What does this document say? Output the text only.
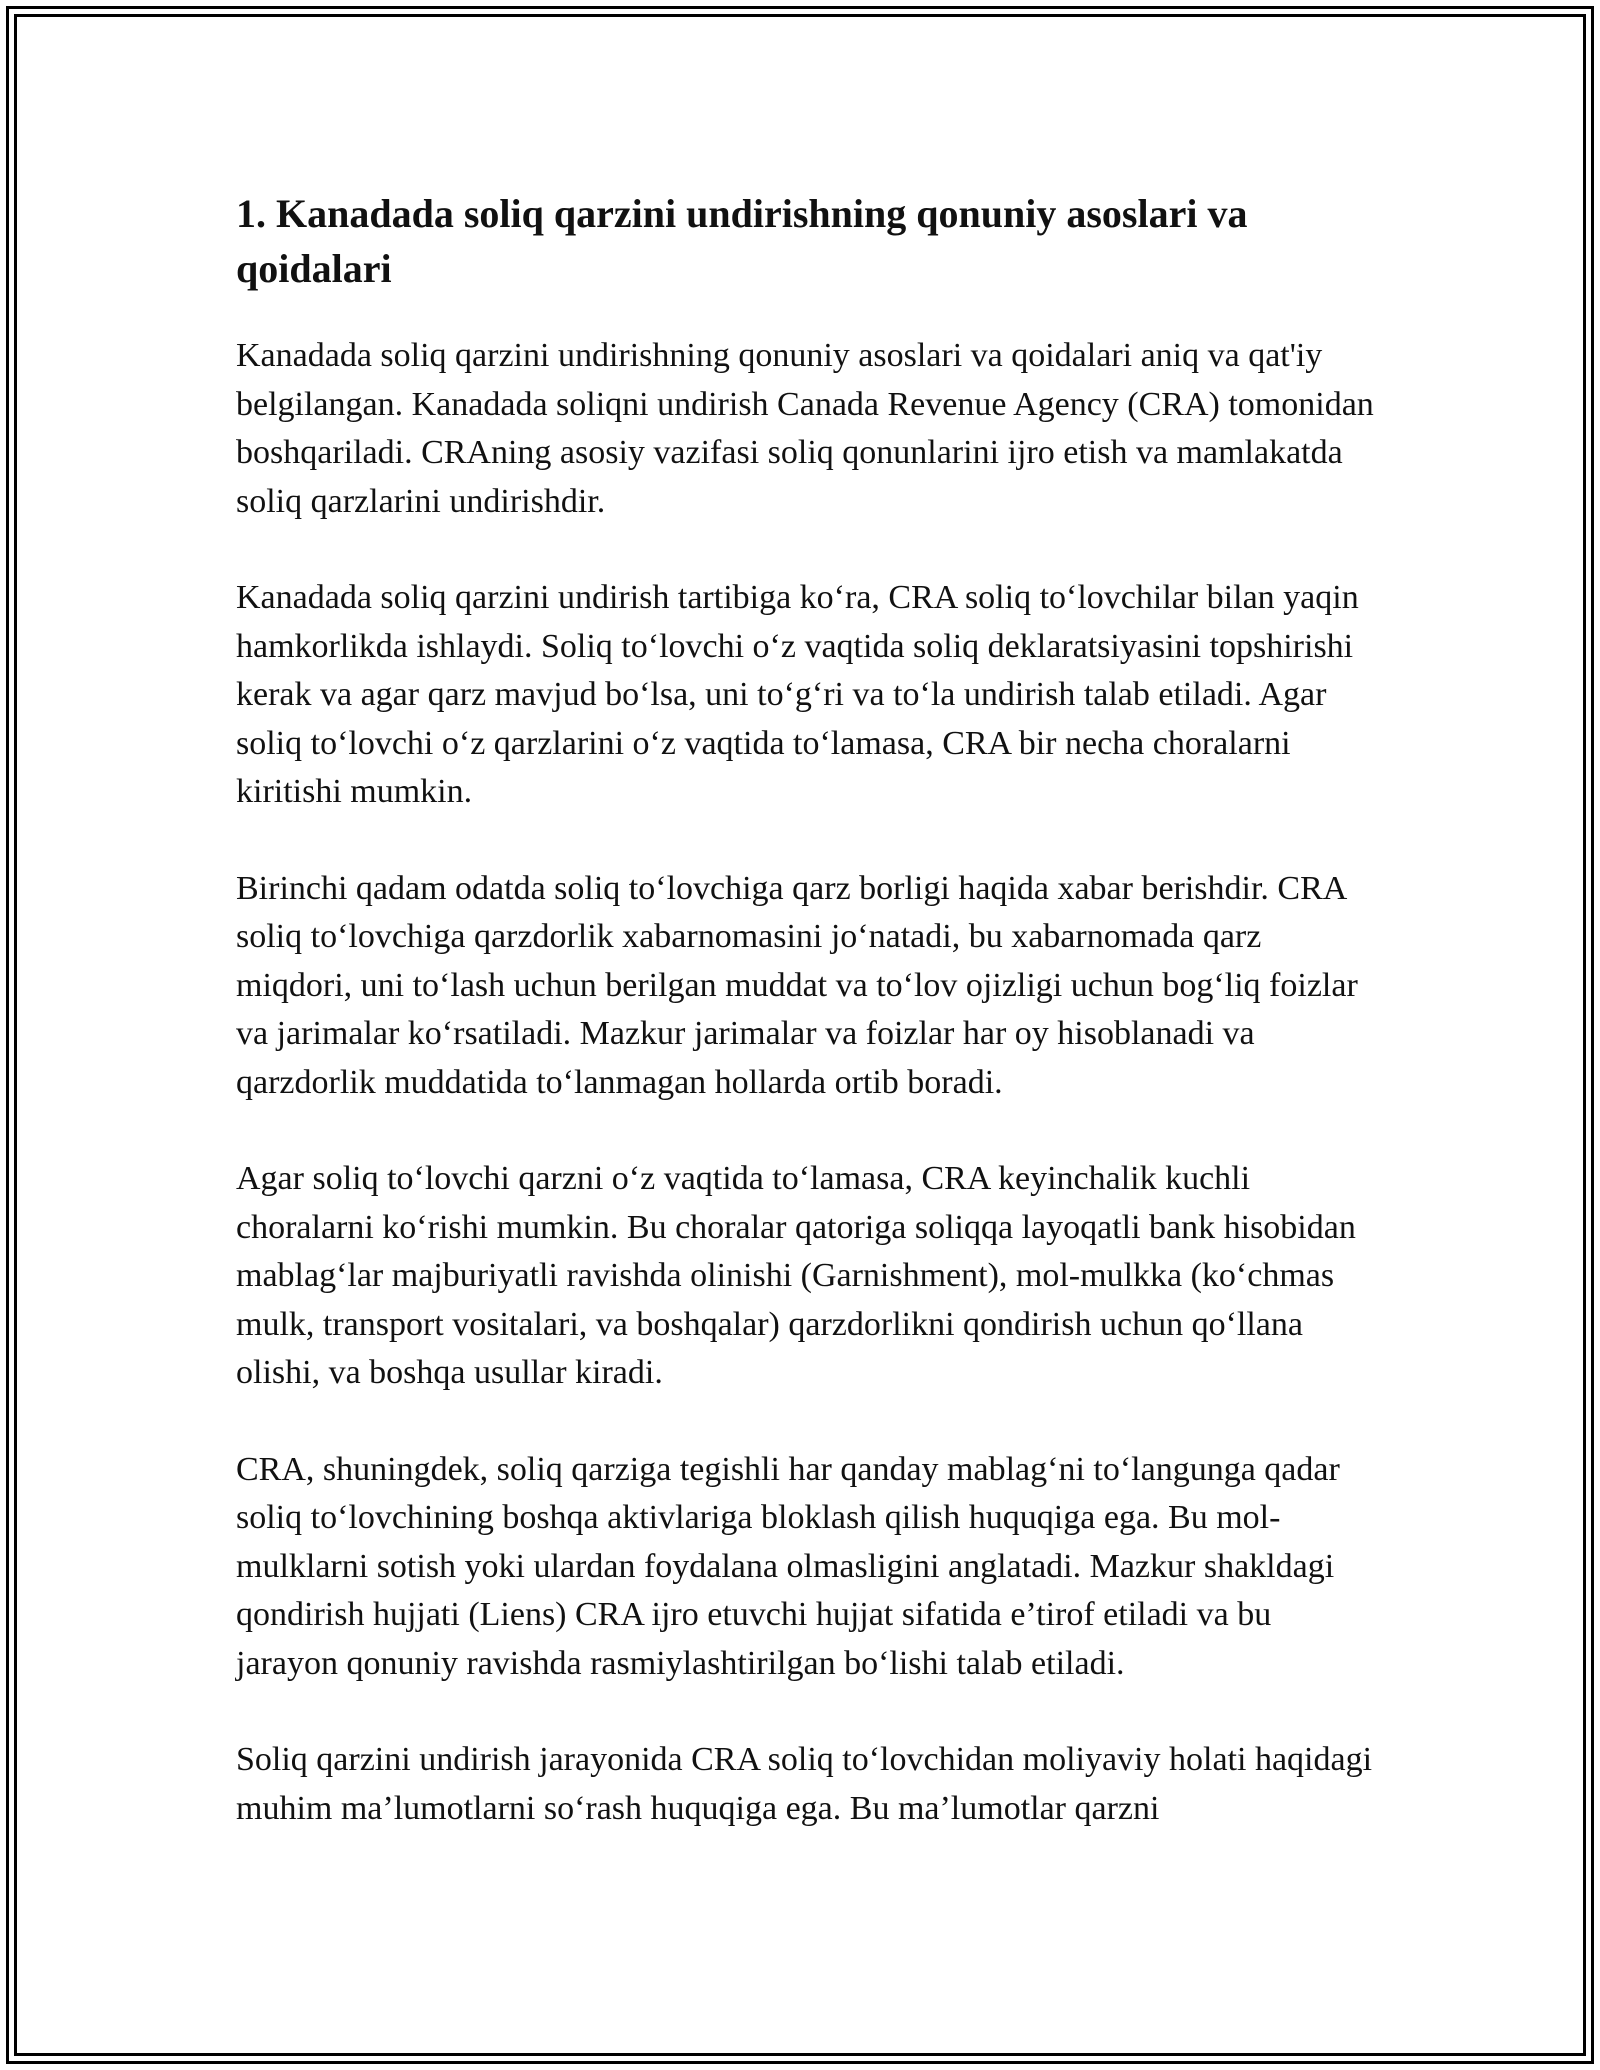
1. Kanadada soliq qarzini undirishning qonuniy asoslari va qoidalari

Kanadada soliq qarzini undirishning qonuniy asoslari va qoidalari aniq va qat'iy belgilangan. Kanadada soliqni undirish Canada Revenue Agency (CRA) tomonidan boshqariladi. CRAning asosiy vazifasi soliq qonunlarini ijro etish va mamlakatda soliq qarzlarini undirishdir.

Kanadada soliq qarzini undirish tartibiga ko‘ra, CRA soliq to‘lovchilar bilan yaqin hamkorlikda ishlaydi. Soliq to‘lovchi o‘z vaqtida soliq deklaratsiyasini topshirishi kerak va agar qarz mavjud bo‘lsa, uni to‘g‘ri va to‘la undirish talab etiladi. Agar soliq to‘lovchi o‘z qarzlarini o‘z vaqtida to‘lamasa, CRA bir necha choralarni kiritishi mumkin.

Birinchi qadam odatda soliq to‘lovchiga qarz borligi haqida xabar berishdir. CRA soliq to‘lovchiga qarzdorlik xabarnomasini jo‘natadi, bu xabarnomada qarz miqdori, uni to‘lash uchun berilgan muddat va to‘lov ojizligi uchun bog‘liq foizlar va jarimalar ko‘rsatiladi. Mazkur jarimalar va foizlar har oy hisoblanadi va qarzdorlik muddatida to‘lanmagan hollarda ortib boradi.

Agar soliq to‘lovchi qarzni o‘z vaqtida to‘lamasa, CRA keyinchalik kuchli choralarni ko‘rishi mumkin. Bu choralar qatoriga soliqqa layoqatli bank hisobidan mablag‘lar majburiyatli ravishda olinishi (Garnishment), mol-mulkka (ko‘chmas mulk, transport vositalari, va boshqalar) qarzdorlikni qondirish uchun qo‘llana olishi, va boshqa usullar kiradi.

CRA, shuningdek, soliq qarziga tegishli har qanday mablag‘ni to‘langunga qadar soliq to‘lovchining boshqa aktivlariga bloklash qilish huquqiga ega. Bu mol-mulklarni sotish yoki ulardan foydalana olmasligini anglatadi. Mazkur shakldagi qondirish hujjati (Liens) CRA ijro etuvchi hujjat sifatida e’tirof etiladi va bu jarayon qonuniy ravishda rasmiylashtirilgan bo‘lishi talab etiladi.

Soliq qarzini undirish jarayonida CRA soliq to‘lovchidan moliyaviy holati haqidagi muhim ma’lumotlarni so‘rash huquqiga ega. Bu ma’lumotlar qarzni
